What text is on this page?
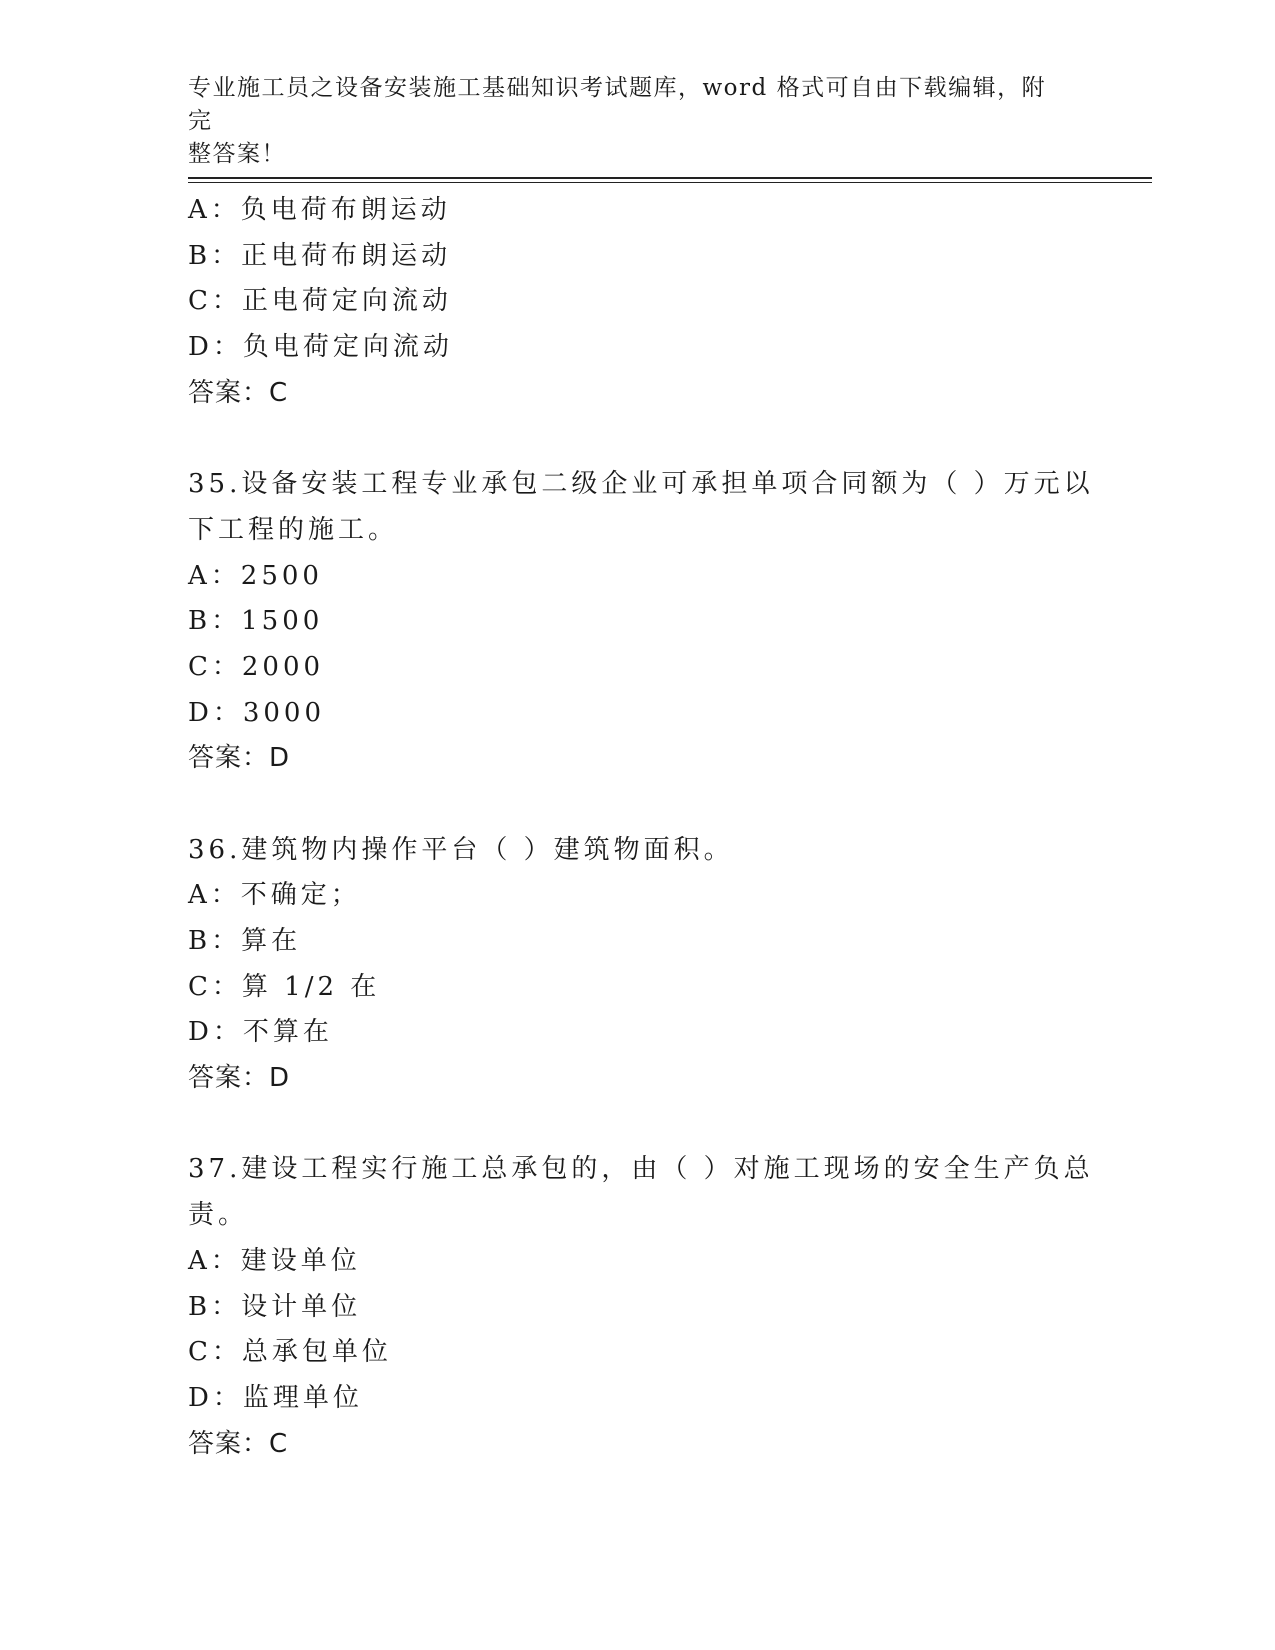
专业施工员之设备安装施工基础知识考试题库，word 格式可自由下载编辑，附完
整答案！
A：负电荷布朗运动
B：正电荷布朗运动
C：正电荷定向流动
D：负电荷定向流动
答案：C
35.设备安装工程专业承包二级企业可承担单项合同额为（ ）万元以
下工程的施工。
A：2500
B：1500
C：2000
D：3000
答案：D
36.建筑物内操作平台（ ）建筑物面积。
A：不确定；
B：算在
C：算 1/2 在
D：不算在
答案：D
37.建设工程实行施工总承包的，由（ ）对施工现场的安全生产负总
责。
A：建设单位
B：设计单位
C：总承包单位
D：监理单位
答案：C
